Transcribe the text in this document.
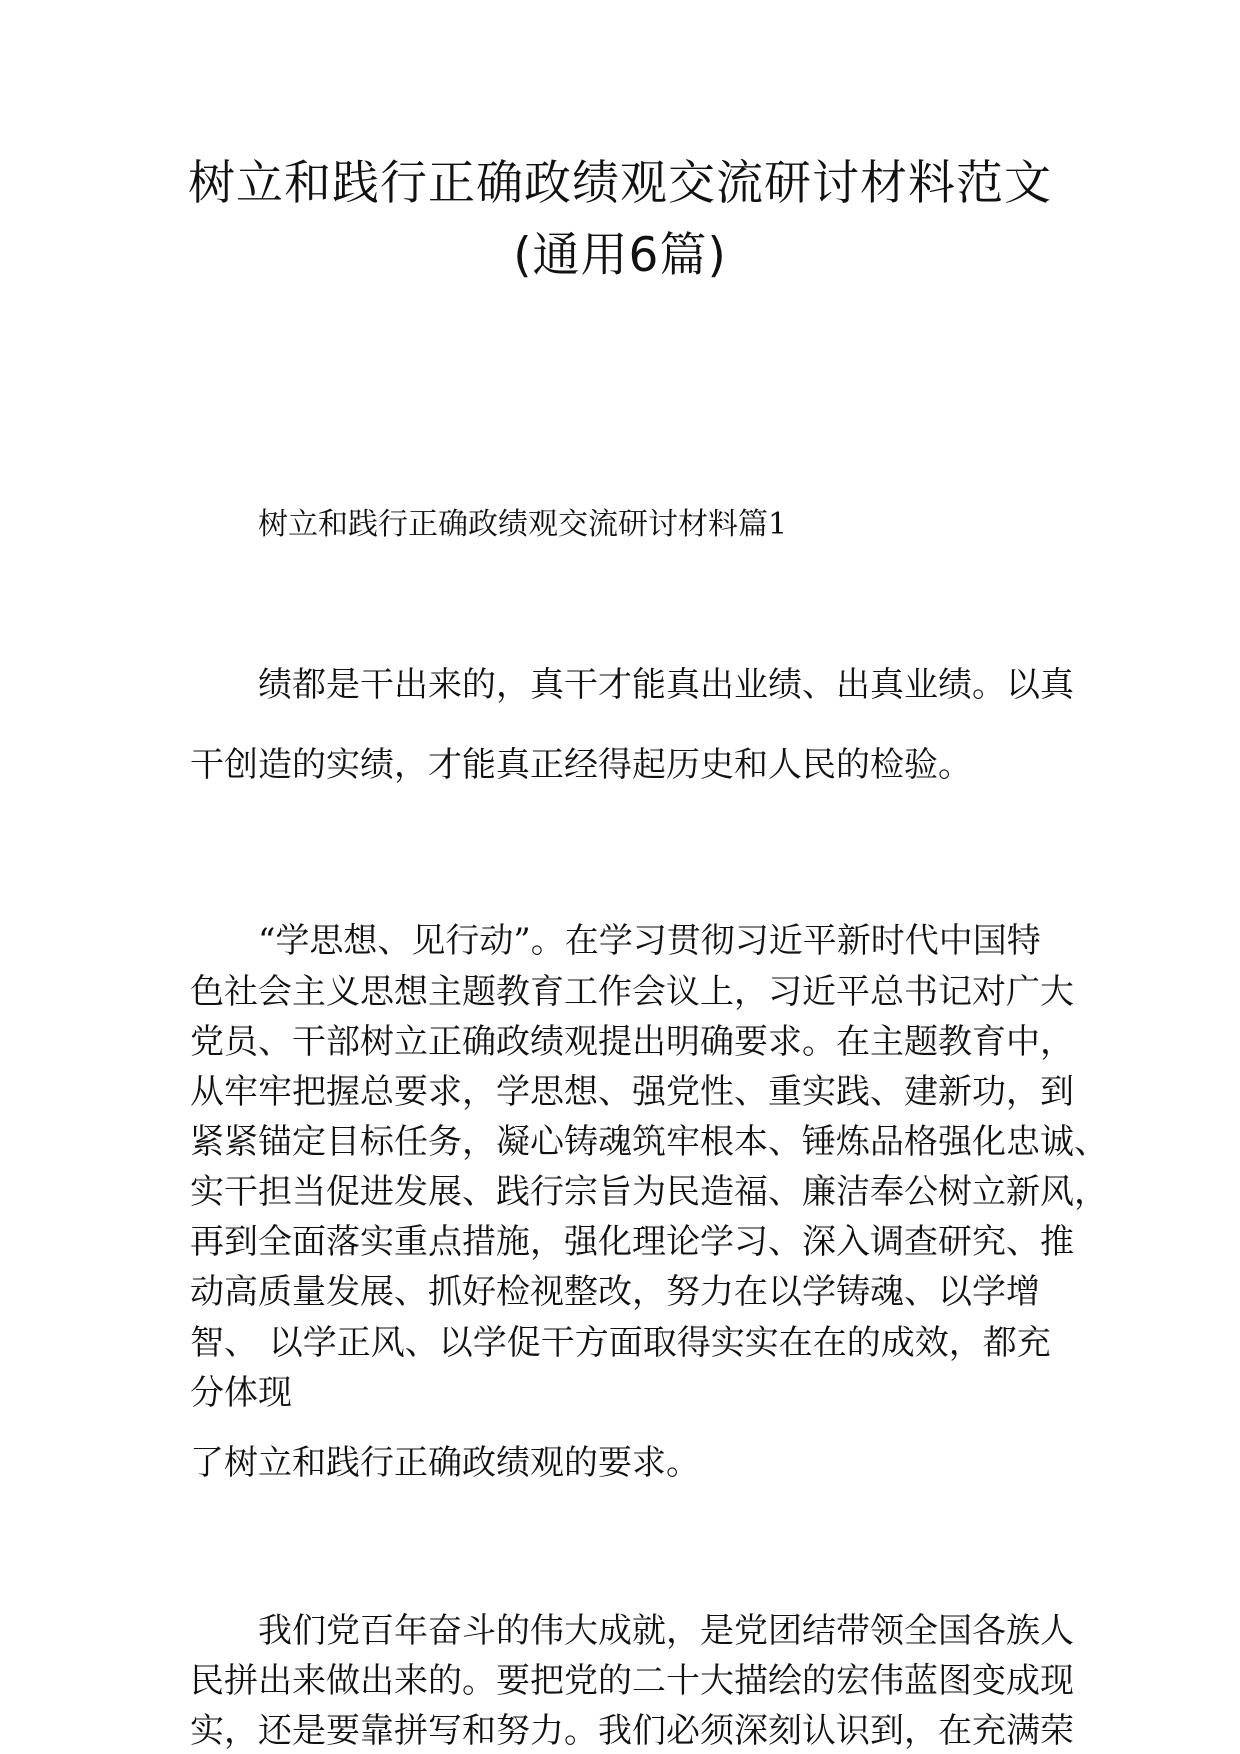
树立和践行正确政绩观交流研讨材料范文
(通用6篇)
树立和践行正确政绩观交流研讨材料篇1
绩都是干出来的，真干才能真出业绩、出真业绩。以真
干创造的实绩，才能真正经得起历史和人民的检验。
“学思想、见行动”。在学习贯彻习近平新时代中国特
色社会主义思想主题教育工作会议上，习近平总书记对广大
党员、干部树立正确政绩观提出明确要求。在主题教育中，
从牢牢把握总要求，学思想、强党性、重实践、建新功，到
紧紧锚定目标任务，凝心铸魂筑牢根本、锤炼品格强化忠诚、
实干担当促进发展、践行宗旨为民造福、廉洁奉公树立新风，
再到全面落实重点措施，强化理论学习、深入调查研究、推
动高质量发展、抓好检视整改，努力在以学铸魂、以学增
智、 以学正风、以学促干方面取得实实在在的成效，都充
分体现
了树立和践行正确政绩观的要求。
我们党百年奋斗的伟大成就，是党团结带领全国各族人
民拼出来做出来的。要把党的二十大描绘的宏伟蓝图变成现
实，还是要靠拼写和努力。我们必须深刻认识到，在充满荣
